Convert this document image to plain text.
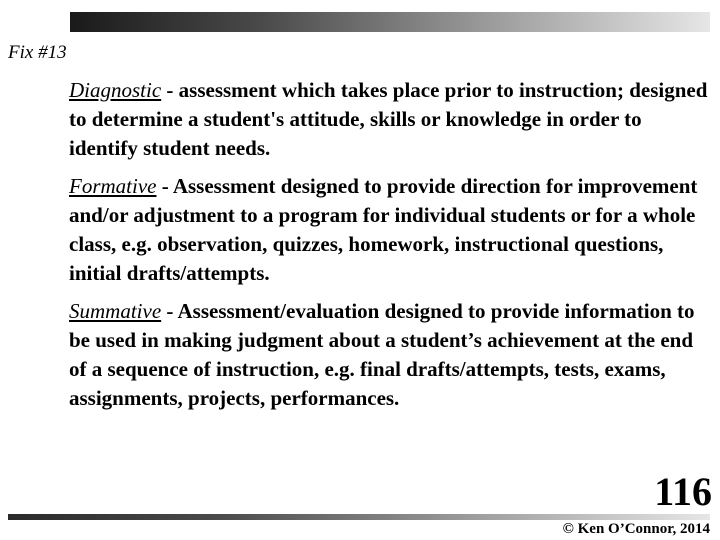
Fix #13
Diagnostic - assessment which takes place prior to instruction; designed to determine a student's attitude, skills or knowledge in order to identify student needs.
Formative - Assessment designed to provide direction for improvement and/or adjustment to a program for individual students or for a whole class, e.g. observation, quizzes, homework, instructional questions, initial drafts/attempts.
Summative - Assessment/evaluation designed to provide information to be used in making judgment about a student’s achievement at the end of a sequence of instruction, e.g. final drafts/attempts, tests, exams, assignments, projects, performances.
116
© Ken O’Connor, 2014
